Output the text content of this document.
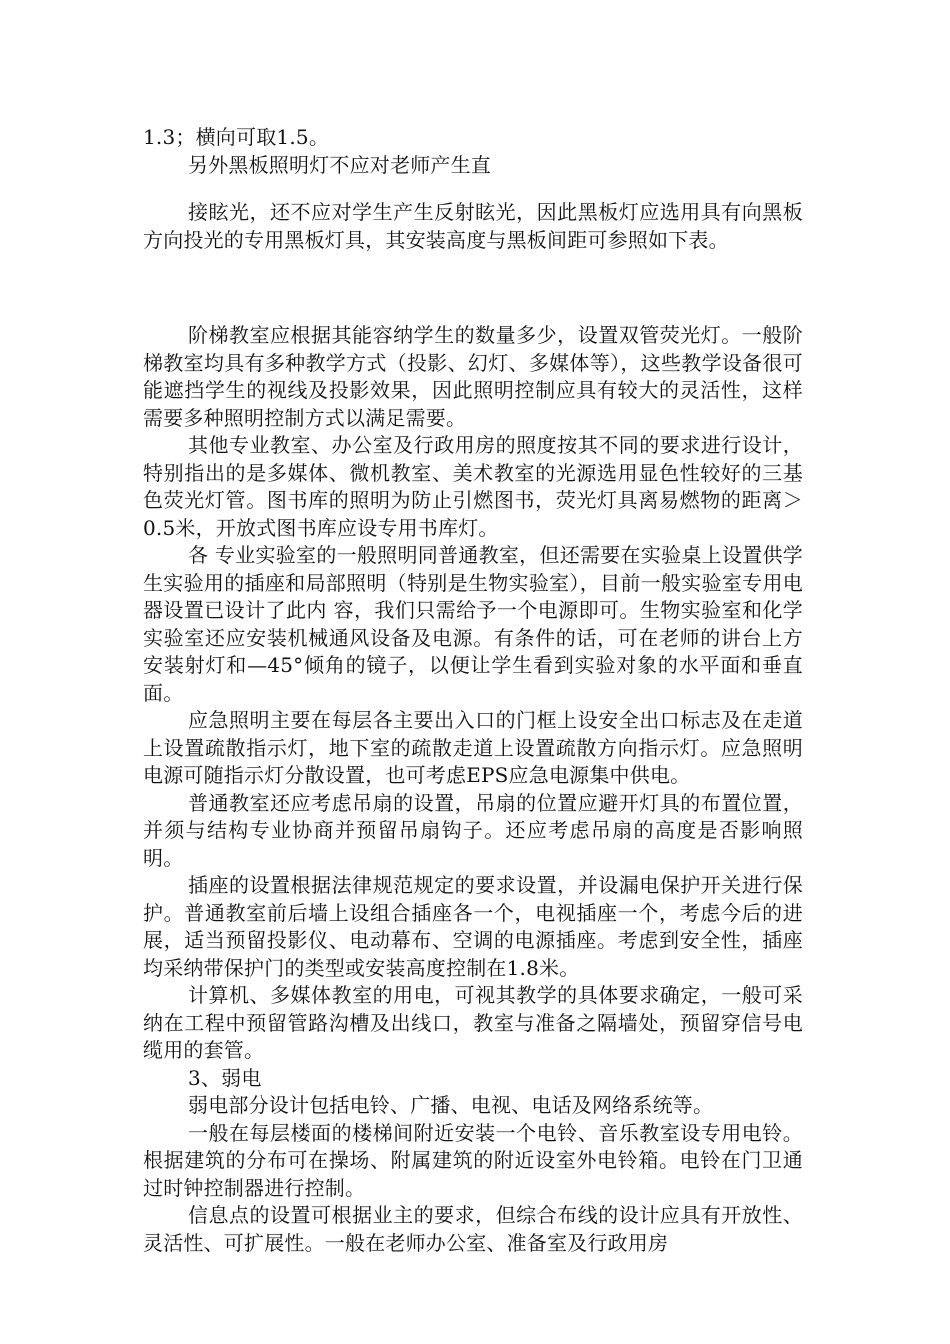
1.3；横向可取1.5。

另外黑板照明灯不应对老师产生直

接眩光，还不应对学生产生反射眩光，因此黑板灯应选用具有向黑板方向投光的专用黑板灯具，其安装高度与黑板间距可参照如下表。

阶梯教室应根据其能容纳学生的数量多少，设置双管荧光灯。一般阶梯教室均具有多种教学方式（投影、幻灯、多媒体等），这些教学设备很可能遮挡学生的视线及投影效果，因此照明控制应具有较大的灵活性，这样需要多种照明控制方式以满足需要。

其他专业教室、办公室及行政用房的照度按其不同的要求进行设计，特别指出的是多媒体、微机教室、美术教室的光源选用显色性较好的三基色荧光灯管。图书库的照明为防止引燃图书，荧光灯具离易燃物的距离＞0.5米，开放式图书库应设专用书库灯。

各 专业实验室的一般照明同普通教室，但还需要在实验桌上设置供学生实验用的插座和局部照明（特别是生物实验室），目前一般实验室专用电器设置已设计了此内 容，我们只需给予一个电源即可。生物实验室和化学实验室还应安装机械通风设备及电源。有条件的话，可在老师的讲台上方安装射灯和—45°倾角的镜子，以便让学生看到实验对象的水平面和垂直面。

应急照明主要在每层各主要出入口的门框上设安全出口标志及在走道上设置疏散指示灯，地下室的疏散走道上设置疏散方向指示灯。应急照明电源可随指示灯分散设置，也可考虑EPS应急电源集中供电。

普通教室还应考虑吊扇的设置，吊扇的位置应避开灯具的布置位置，并须与结构专业协商并预留吊扇钩子。还应考虑吊扇的高度是否影响照明。

插座的设置根据法律规范规定的要求设置，并设漏电保护开关进行保护。普通教室前后墙上设组合插座各一个，电视插座一个，考虑今后的进展，适当预留投影仪、电动幕布、空调的电源插座。考虑到安全性，插座均采纳带保护门的类型或安装高度控制在1.8米。

计算机、多媒体教室的用电，可视其教学的具体要求确定，一般可采纳在工程中预留管路沟槽及出线口，教室与准备之隔墙处，预留穿信号电缆用的套管。

3、弱电

弱电部分设计包括电铃、广播、电视、电话及网络系统等。

一般在每层楼面的楼梯间附近安装一个电铃、音乐教室设专用电铃。根据建筑的分布可在操场、附属建筑的附近设室外电铃箱。电铃在门卫通过时钟控制器进行控制。

信息点的设置可根据业主的要求，但综合布线的设计应具有开放性、灵活性、可扩展性。一般在老师办公室、准备室及行政用房
